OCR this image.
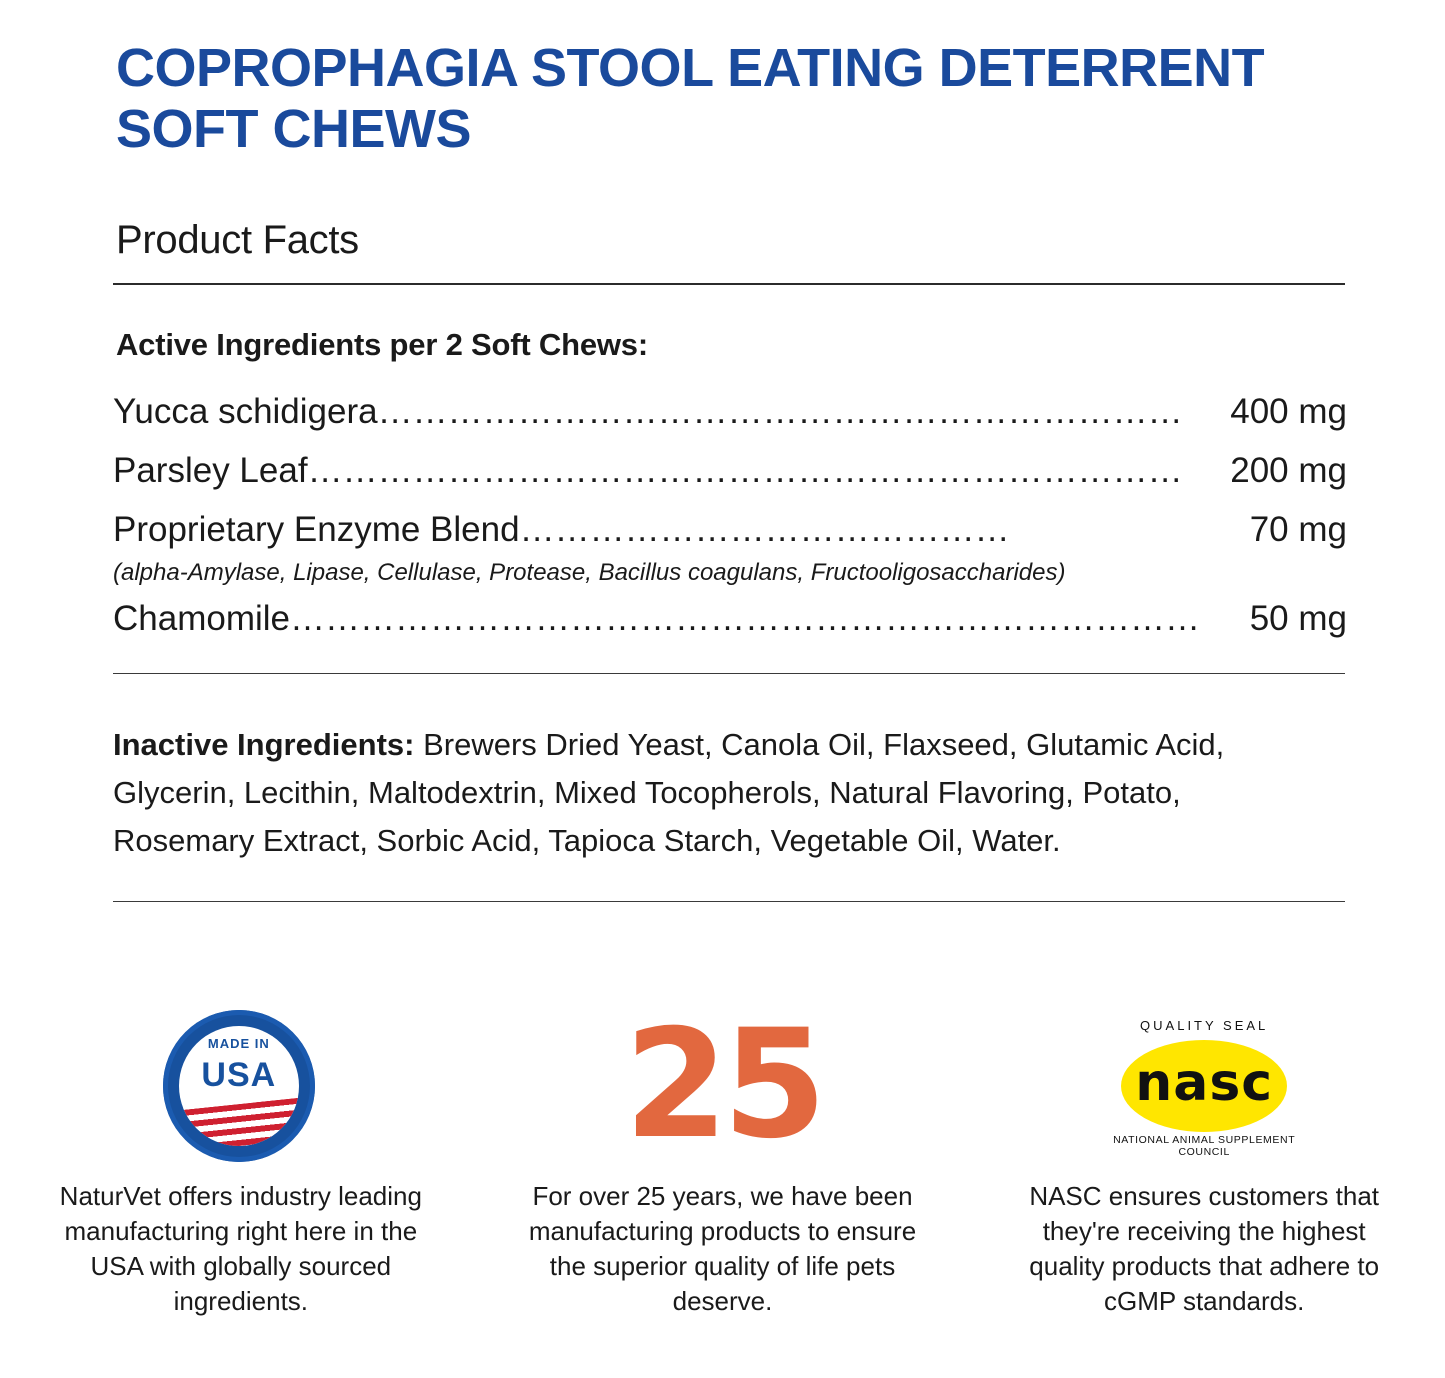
COPROPHAGIA STOOL EATING DETERRENT SOFT CHEWS
Product Facts
Active Ingredients per 2 Soft Chews:
Yucca schidigera ……………………………………………………………	400 mg
Parsley Leaf …………………………………………………………………	200 mg
Proprietary Enzyme Blend ……………………………………	70 mg
(alpha-Amylase, Lipase, Cellulase, Protease, Bacillus coagulans, Fructooligosaccharides)
Chamomile ……………………………………………………………………	50 mg
Inactive Ingredients: Brewers Dried Yeast, Canola Oil, Flaxseed, Glutamic Acid, Glycerin, Lecithin, Maltodextrin, Mixed Tocopherols, Natural Flavoring, Potato, Rosemary Extract, Sorbic Acid, Tapioca Starch, Vegetable Oil, Water.
MADE IN
USA
NaturVet offers industry leading manufacturing right here in the USA with globally sourced ingredients.
25
For over 25 years, we have been manufacturing products to ensure the superior quality of life pets deserve.
QUALITY SEAL
nasc
NATIONAL ANIMAL SUPPLEMENT COUNCIL
NASC ensures customers that they're receiving the highest quality products that adhere to cGMP standards.
